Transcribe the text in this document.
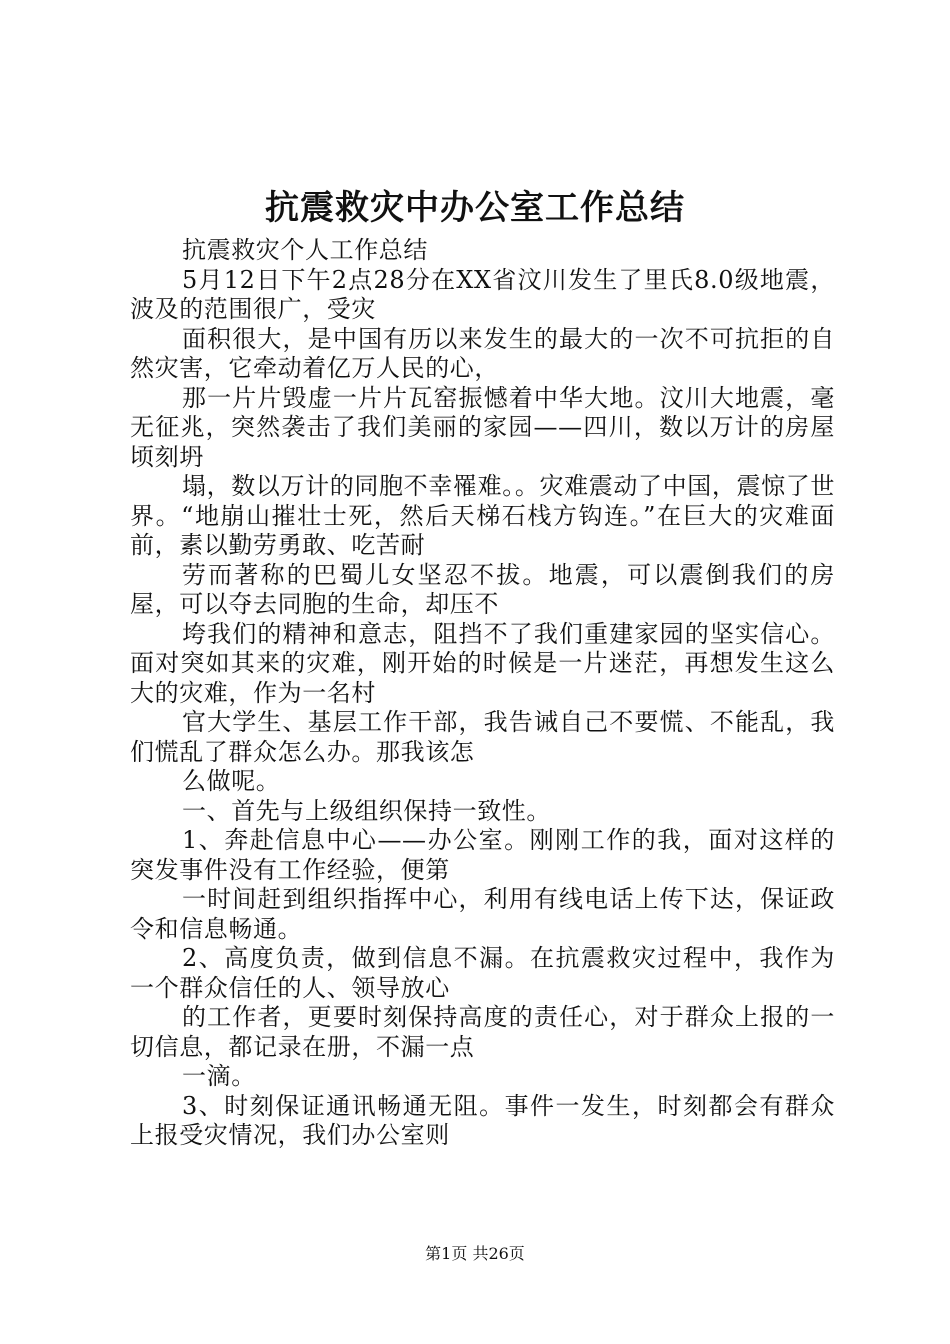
抗震救灾中办公室工作总结

抗震救灾个人工作总结

5月12日下午2点28分在XX省汶川发生了里氏8.0级地震，波及的范围很广，受灾

面积很大，是中国有历以来发生的最大的一次不可抗拒的自然灾害，它牵动着亿万人民的心，

那一片片毁虚一片片瓦窑振憾着中华大地。汶川大地震，毫无征兆，突然袭击了我们美丽的家园——四川，数以万计的房屋顷刻坍

塌，数以万计的同胞不幸罹难。。灾难震动了中国，震惊了世界。“地崩山摧壮士死，然后天梯石栈方钩连。”在巨大的灾难面前，素以勤劳勇敢、吃苦耐

劳而著称的巴蜀儿女坚忍不拔。地震，可以震倒我们的房屋，可以夺去同胞的生命，却压不

垮我们的精神和意志，阻挡不了我们重建家园的坚实信心。面对突如其来的灾难，刚开始的时候是一片迷茫，再想发生这么大的灾难，作为一名村

官大学生、基层工作干部，我告诫自己不要慌、不能乱，我们慌乱了群众怎么办。那我该怎

么做呢。

一、首先与上级组织保持一致性。

1、奔赴信息中心——办公室。刚刚工作的我，面对这样的突发事件没有工作经验，便第

一时间赶到组织指挥中心，利用有线电话上传下达，保证政令和信息畅通。

2、高度负责，做到信息不漏。在抗震救灾过程中，我作为一个群众信任的人、领导放心

的工作者，更要时刻保持高度的责任心，对于群众上报的一切信息，都记录在册，不漏一点

一滴。

3、时刻保证通讯畅通无阻。事件一发生，时刻都会有群众上报受灾情况，我们办公室则

第1页 共26页
